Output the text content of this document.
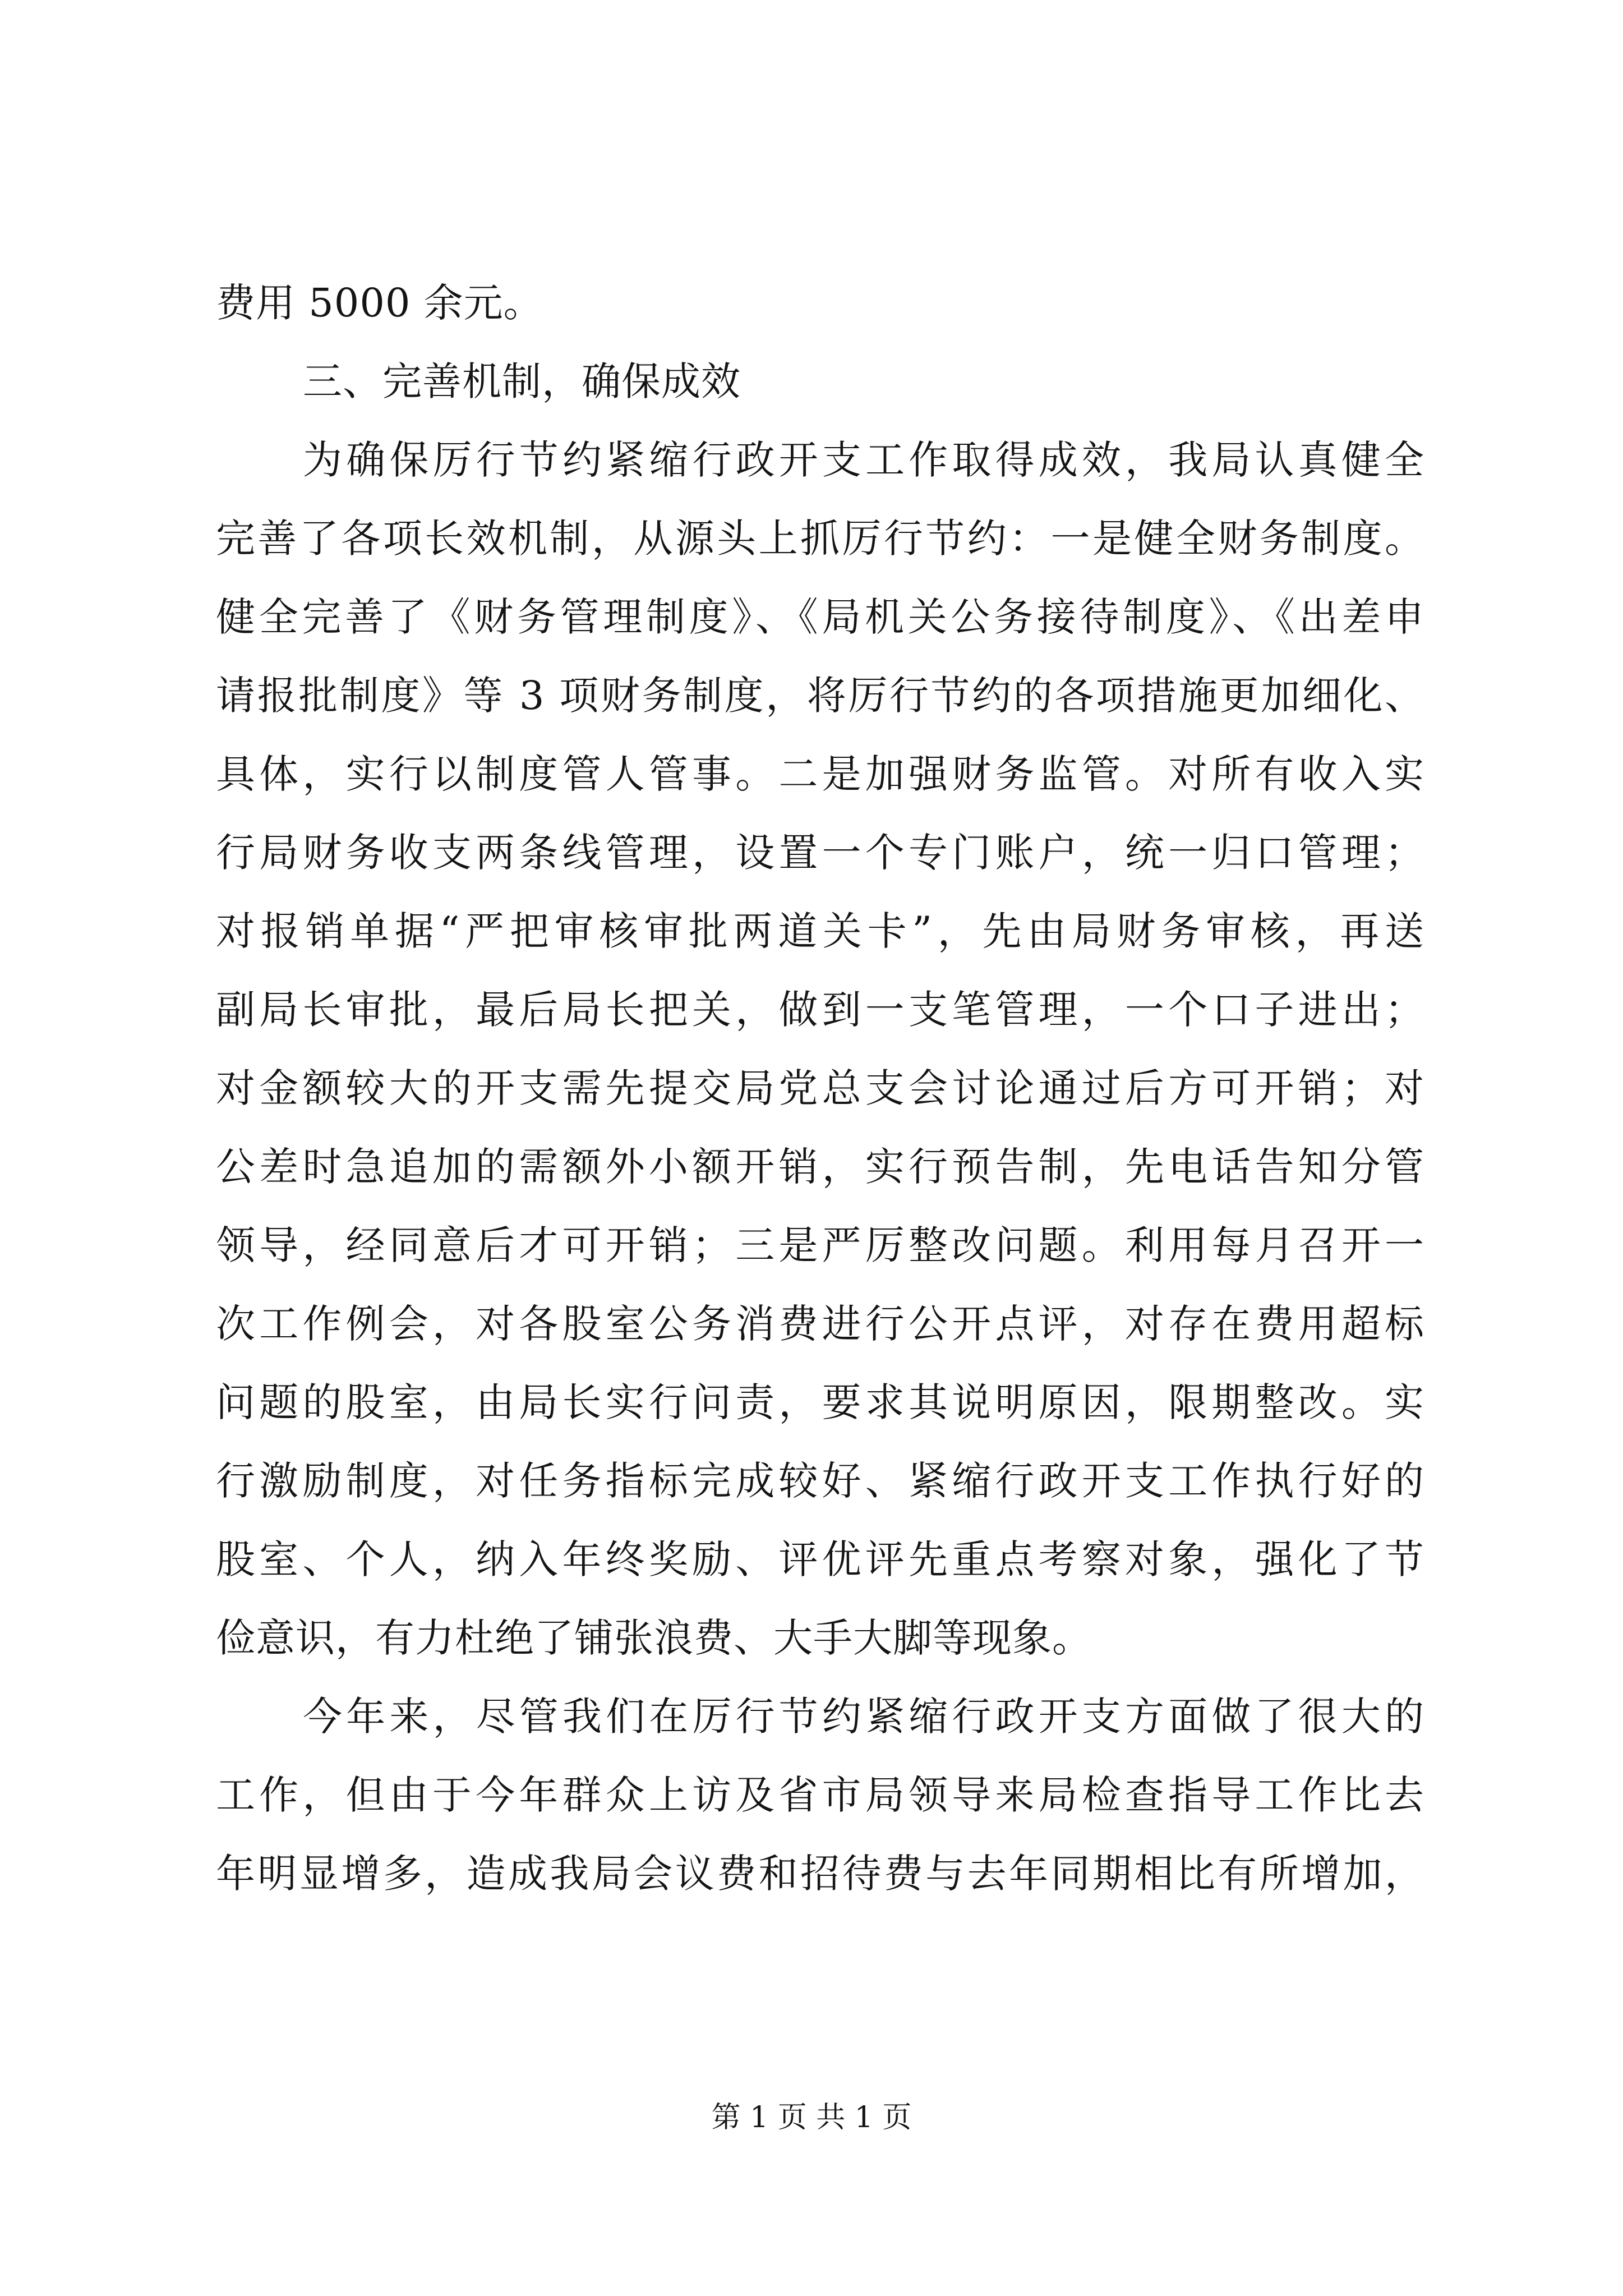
费用 5000 余元。
三、完善机制，确保成效
为确保厉行节约紧缩行政开支工作取得成效，我局认真健全
完善了各项长效机制，从源头上抓厉行节约：一是健全财务制度。
健全完善了《财务管理制度》、《局机关公务接待制度》、《出差申
请报批制度》等 3 项财务制度，将厉行节约的各项措施更加细化、
具体，实行以制度管人管事。二是加强财务监管。对所有收入实
行局财务收支两条线管理，设置一个专门账户，统一归口管理；
对报销单据“严把审核审批两道关卡”，先由局财务审核，再送
副局长审批，最后局长把关，做到一支笔管理，一个口子进出；
对金额较大的开支需先提交局党总支会讨论通过后方可开销；对
公差时急追加的需额外小额开销，实行预告制，先电话告知分管
领导，经同意后才可开销；三是严厉整改问题。利用每月召开一
次工作例会，对各股室公务消费进行公开点评，对存在费用超标
问题的股室，由局长实行问责，要求其说明原因，限期整改。实
行激励制度，对任务指标完成较好、紧缩行政开支工作执行好的
股室、个人，纳入年终奖励、评优评先重点考察对象，强化了节
俭意识，有力杜绝了铺张浪费、大手大脚等现象。
今年来，尽管我们在厉行节约紧缩行政开支方面做了很大的
工作，但由于今年群众上访及省市局领导来局检查指导工作比去
年明显增多，造成我局会议费和招待费与去年同期相比有所增加，
第 1 页 共 1 页
